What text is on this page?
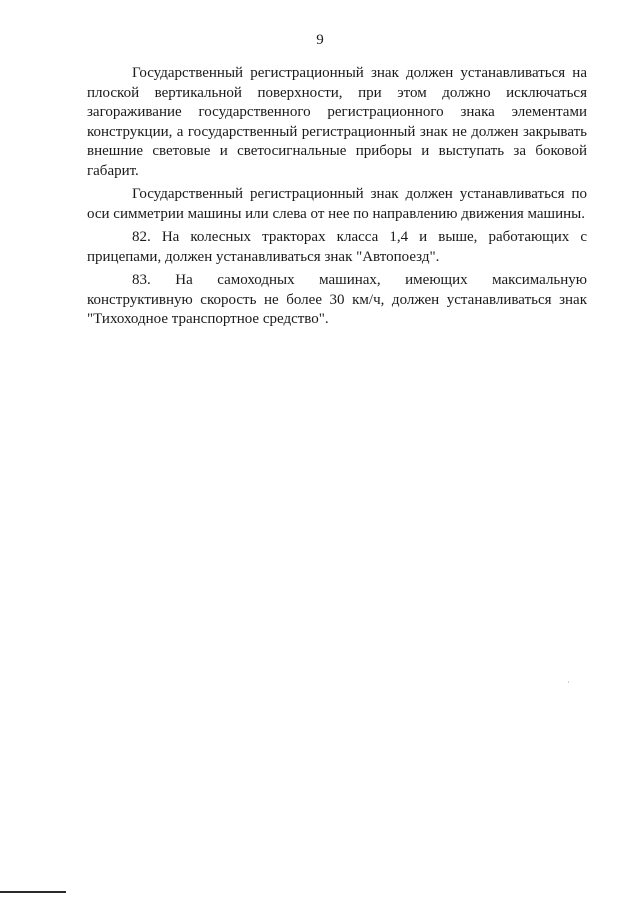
9

Государственный регистрационный знак должен устанавливаться на плоской вертикальной поверхности, при этом должно исключаться загораживание государственного регистрационного знака элементами конструкции, а государственный регистрационный знак не должен закрывать внешние световые и светосигнальные приборы и выступать за боковой габарит.

Государственный регистрационный знак должен устанавливаться по оси симметрии машины или слева от нее по направлению движения машины.

82. На колесных тракторах класса 1,4 и выше, работающих с прицепами, должен устанавливаться знак "Автопоезд".

83. На самоходных машинах, имеющих максимальную конструктивную скорость не более 30 км/ч, должен устанавливаться знак "Тихоходное транспортное средство".
